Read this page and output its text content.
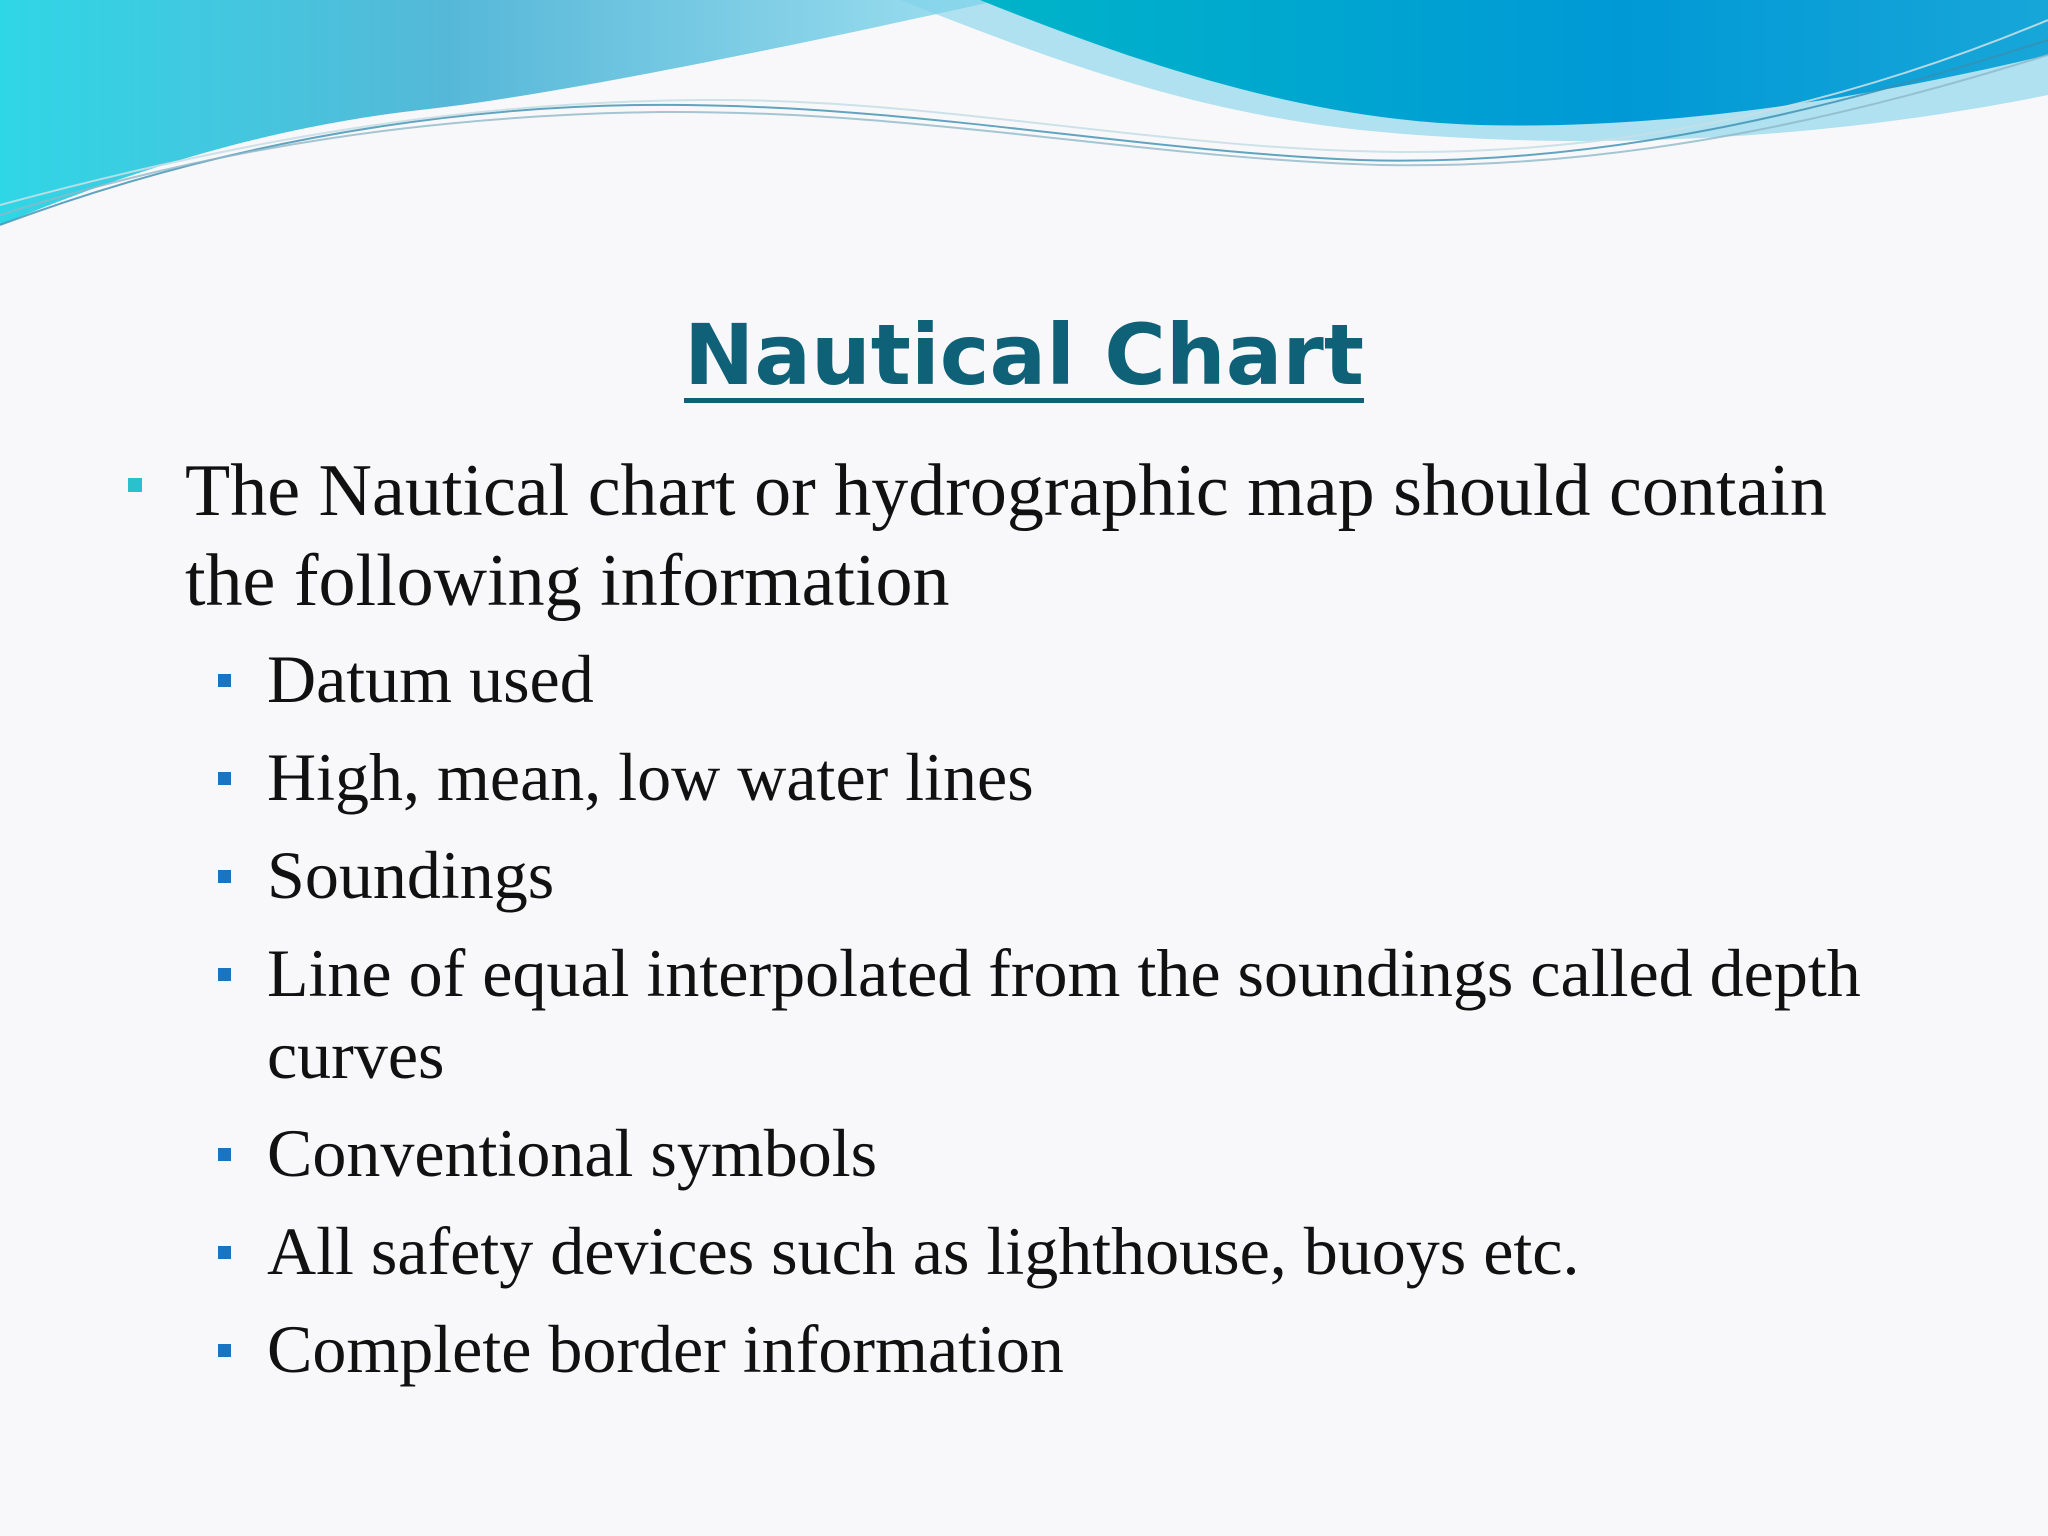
Nautical Chart
The Nautical chart or hydrographic map should contain the following information
Datum used
High, mean, low water lines
Soundings
Line of equal interpolated from the soundings called depth curves
Conventional symbols
All safety devices such as lighthouse, buoys etc.
Complete border information
